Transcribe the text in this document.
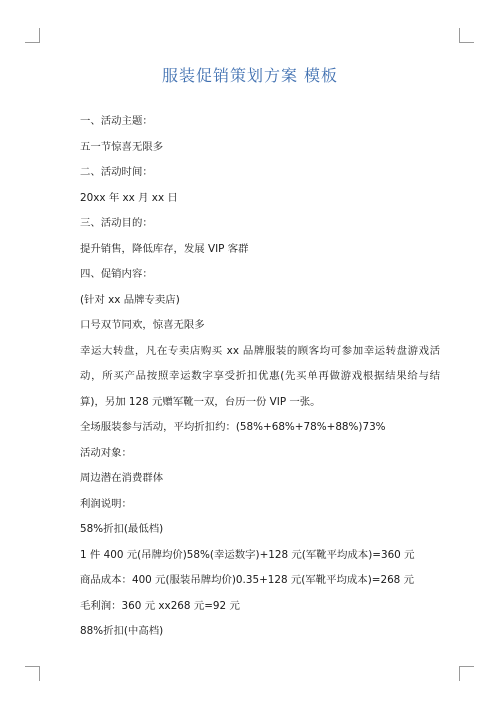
服装促销策划方案 模板
一、活动主题：
五一节惊喜无限多
二、活动时间：
20xx 年 xx 月 xx 日
三、活动目的：
提升销售，降低库存，发展 VIP 客群
四、促销内容：
(针对 xx 品牌专卖店)
口号双节同欢，惊喜无限多
幸运大转盘，凡在专卖店购买 xx 品牌服装的顾客均可参加幸运转盘游戏活动，所买产品按照幸运数字享受折扣优惠(先买单再做游戏根据结果给与结算)，另加 128 元赠军靴一双，台历一份 VIP 一张。
全场服装参与活动，平均折扣约：(58%+68%+78%+88%)73%
活动对象：
周边潜在消费群体
利润说明：
58%折扣(最低档)
1 件 400 元(吊牌均价)58%(幸运数字)+128 元(军靴平均成本)=360 元
商品成本：400 元(服装吊牌均价)0.35+128 元(军靴平均成本)=268 元
毛利润：360 元 xx268 元=92 元
88%折扣(中高档)
